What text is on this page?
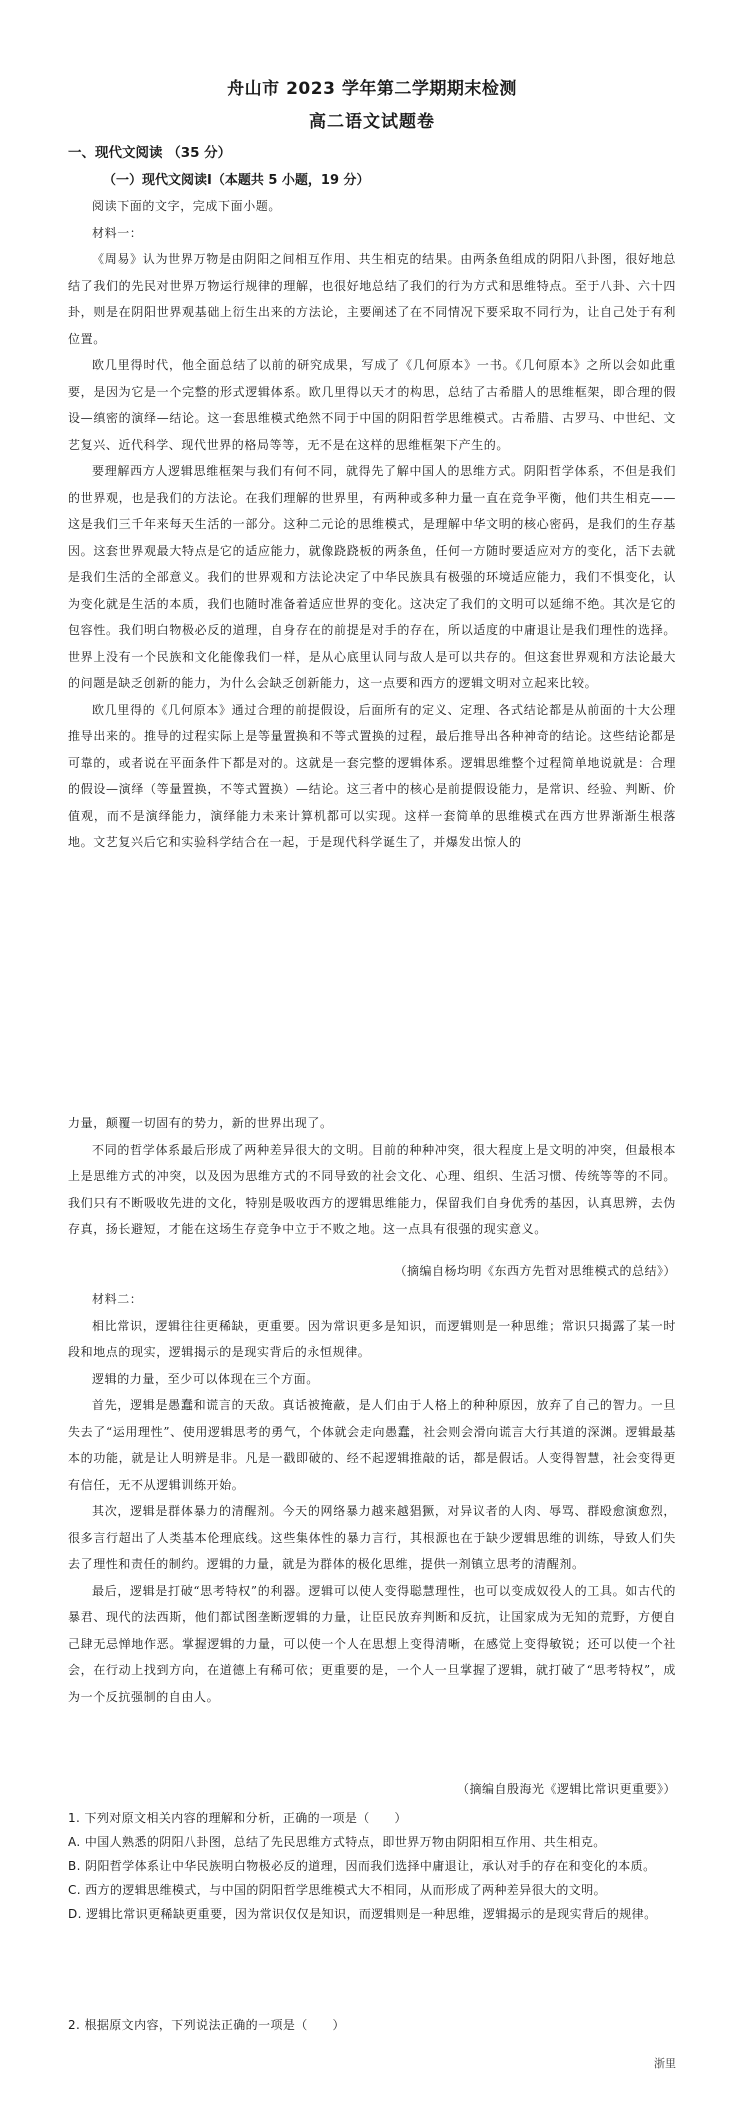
舟山市 2023 学年第二学期期末检测
高二语文试题卷
一、现代文阅读 （35 分）
（一）现代文阅读Ⅰ（本题共 5 小题，19 分）

阅读下面的文字，完成下面小题。

材料一：

《周易》认为世界万物是由阴阳之间相互作用、共生相克的结果。由两条鱼组成的阴阳八卦图，很好地总结了我们的先民对世界万物运行规律的理解，也很好地总结了我们的行为方式和思维特点。至于八卦、六十四卦，则是在阴阳世界观基础上衍生出来的方法论，主要阐述了在不同情况下要采取不同行为，让自己处于有利位置。

欧几里得时代，他全面总结了以前的研究成果，写成了《几何原本》一书。《几何原本》之所以会如此重要，是因为它是一个完整的形式逻辑体系。欧几里得以天才的构思，总结了古希腊人的思维框架，即合理的假设—缜密的演绎—结论。这一套思维模式绝然不同于中国的阴阳哲学思维模式。古希腊、古罗马、中世纪、文艺复兴、近代科学、现代世界的格局等等，无不是在这样的思维框架下产生的。

要理解西方人逻辑思维框架与我们有何不同，就得先了解中国人的思维方式。阴阳哲学体系，不但是我们的世界观，也是我们的方法论。在我们理解的世界里，有两种或多种力量一直在竞争平衡，他们共生相克——这是我们三千年来每天生活的一部分。这种二元论的思维模式，是理解中华文明的核心密码，是我们的生存基因。这套世界观最大特点是它的适应能力，就像跷跷板的两条鱼，任何一方随时要适应对方的变化，活下去就是我们生活的全部意义。我们的世界观和方法论决定了中华民族具有极强的环境适应能力，我们不惧变化，认为变化就是生活的本质，我们也随时准备着适应世界的变化。这决定了我们的文明可以延绵不绝。其次是它的包容性。我们明白物极必反的道理，自身存在的前提是对手的存在，所以适度的中庸退让是我们理性的选择。世界上没有一个民族和文化能像我们一样，是从心底里认同与敌人是可以共存的。但这套世界观和方法论最大的问题是缺乏创新的能力，为什么会缺乏创新能力，这一点要和西方的逻辑文明对立起来比较。

欧几里得的《几何原本》通过合理的前提假设，后面所有的定义、定理、各式结论都是从前面的十大公理推导出来的。推导的过程实际上是等量置换和不等式置换的过程，最后推导出各种神奇的结论。这些结论都是可靠的，或者说在平面条件下都是对的。这就是一套完整的逻辑体系。逻辑思维整个过程简单地说就是：合理的假设—演绎（等量置换，不等式置换）—结论。这三者中的核心是前提假设能力，是常识、经验、判断、价值观，而不是演绎能力，演绎能力未来计算机都可以实现。这样一套简单的思维模式在西方世界渐渐生根落地。文艺复兴后它和实验科学结合在一起，于是现代科学诞生了，并爆发出惊人的

力量，颠覆一切固有的势力，新的世界出现了。

不同的哲学体系最后形成了两种差异很大的文明。目前的种种冲突，很大程度上是文明的冲突，但最根本上是思维方式的冲突，以及因为思维方式的不同导致的社会文化、心理、组织、生活习惯、传统等等的不同。我们只有不断吸收先进的文化，特别是吸收西方的逻辑思维能力，保留我们自身优秀的基因，认真思辨，去伪存真，扬长避短，才能在这场生存竞争中立于不败之地。这一点具有很强的现实意义。

（摘编自杨均明《东西方先哲对思维模式的总结》）

材料二：

相比常识，逻辑往往更稀缺，更重要。因为常识更多是知识，而逻辑则是一种思维；常识只揭露了某一时段和地点的现实，逻辑揭示的是现实背后的永恒规律。

逻辑的力量，至少可以体现在三个方面。

首先，逻辑是愚蠢和谎言的天敌。真话被掩蔽，是人们由于人格上的种种原因，放弃了自己的智力。一旦失去了“运用理性”、使用逻辑思考的勇气，个体就会走向愚蠢，社会则会滑向谎言大行其道的深渊。逻辑最基本的功能，就是让人明辨是非。凡是一戳即破的、经不起逻辑推敲的话，都是假话。人变得智慧，社会变得更有信任，无不从逻辑训练开始。

其次，逻辑是群体暴力的清醒剂。今天的网络暴力越来越猖獗，对异议者的人肉、辱骂、群殴愈演愈烈，很多言行超出了人类基本伦理底线。这些集体性的暴力言行，其根源也在于缺少逻辑思维的训练，导致人们失去了理性和责任的制约。逻辑的力量，就是为群体的极化思维，提供一剂镇立思考的清醒剂。

最后，逻辑是打破“思考特权”的利器。逻辑可以使人变得聪慧理性，也可以变成奴役人的工具。如古代的暴君、现代的法西斯，他们都试图垄断逻辑的力量，让臣民放弃判断和反抗，让国家成为无知的荒野，方便自己肆无忌惮地作恶。掌握逻辑的力量，可以使一个人在思想上变得清晰，在感觉上变得敏锐；还可以使一个社会，在行动上找到方向，在道德上有稀可依；更重要的是，一个人一旦掌握了逻辑，就打破了“思考特权”，成为一个反抗强制的自由人。

（摘编自殷海光《逻辑比常识更重要》）

1. 下列对原文相关内容的理解和分析，正确的一项是（　　）

A. 中国人熟悉的阴阳八卦图，总结了先民思维方式特点，即世界万物由阴阳相互作用、共生相克。

B. 阴阳哲学体系让中华民族明白物极必反的道理，因而我们选择中庸退让，承认对手的存在和变化的本质。

C. 西方的逻辑思维模式，与中国的阴阳哲学思维模式大不相同，从而形成了两种差异很大的文明。

D. 逻辑比常识更稀缺更重要，因为常识仅仅是知识，而逻辑则是一种思维，逻辑揭示的是现实背后的规律。

2. 根据原文内容，下列说法正确的一项是（　　）

浙里
